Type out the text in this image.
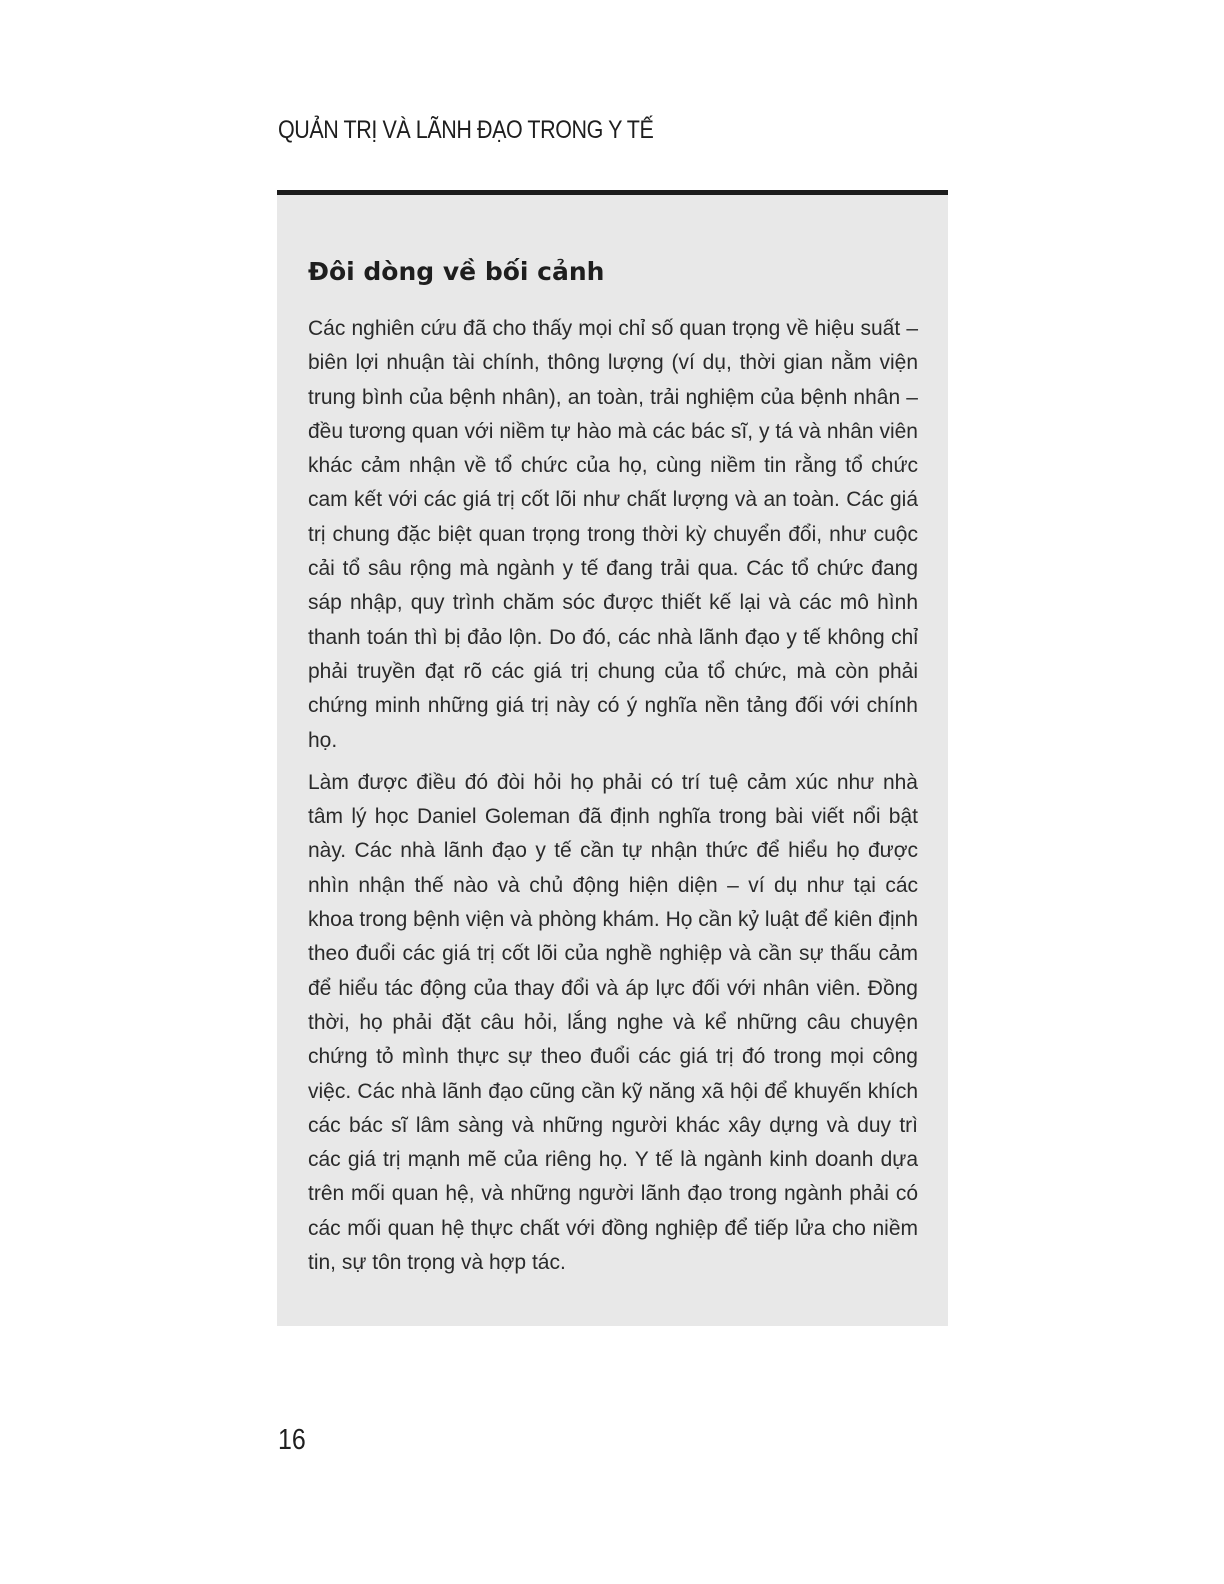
QUẢN TRỊ VÀ LÃNH ĐẠO TRONG Y TẾ
Đôi dòng về bối cảnh

Các nghiên cứu đã cho thấy mọi chỉ số quan trọng về hiệu suất – biên lợi nhuận tài chính, thông lượng (ví dụ, thời gian nằm viện trung bình của bệnh nhân), an toàn, trải nghiệm của bệnh nhân – đều tương quan với niềm tự hào mà các bác sĩ, y tá và nhân viên khác cảm nhận về tổ chức của họ, cùng niềm tin rằng tổ chức cam kết với các giá trị cốt lõi như chất lượng và an toàn. Các giá trị chung đặc biệt quan trọng trong thời kỳ chuyển đổi, như cuộc cải tổ sâu rộng mà ngành y tế đang trải qua. Các tổ chức đang sáp nhập, quy trình chăm sóc được thiết kế lại và các mô hình thanh toán thì bị đảo lộn. Do đó, các nhà lãnh đạo y tế không chỉ phải truyền đạt rõ các giá trị chung của tổ chức, mà còn phải chứng minh những giá trị này có ý nghĩa nền tảng đối với chính họ.

Làm được điều đó đòi hỏi họ phải có trí tuệ cảm xúc như nhà tâm lý học Daniel Goleman đã định nghĩa trong bài viết nổi bật này. Các nhà lãnh đạo y tế cần tự nhận thức để hiểu họ được nhìn nhận thế nào và chủ động hiện diện – ví dụ như tại các khoa trong bệnh viện và phòng khám. Họ cần kỷ luật để kiên định theo đuổi các giá trị cốt lõi của nghề nghiệp và cần sự thấu cảm để hiểu tác động của thay đổi và áp lực đối với nhân viên. Đồng thời, họ phải đặt câu hỏi, lắng nghe và kể những câu chuyện chứng tỏ mình thực sự theo đuổi các giá trị đó trong mọi công việc. Các nhà lãnh đạo cũng cần kỹ năng xã hội để khuyến khích các bác sĩ lâm sàng và những người khác xây dựng và duy trì các giá trị mạnh mẽ của riêng họ. Y tế là ngành kinh doanh dựa trên mối quan hệ, và những người lãnh đạo trong ngành phải có các mối quan hệ thực chất với đồng nghiệp để tiếp lửa cho niềm tin, sự tôn trọng và hợp tác.

16
